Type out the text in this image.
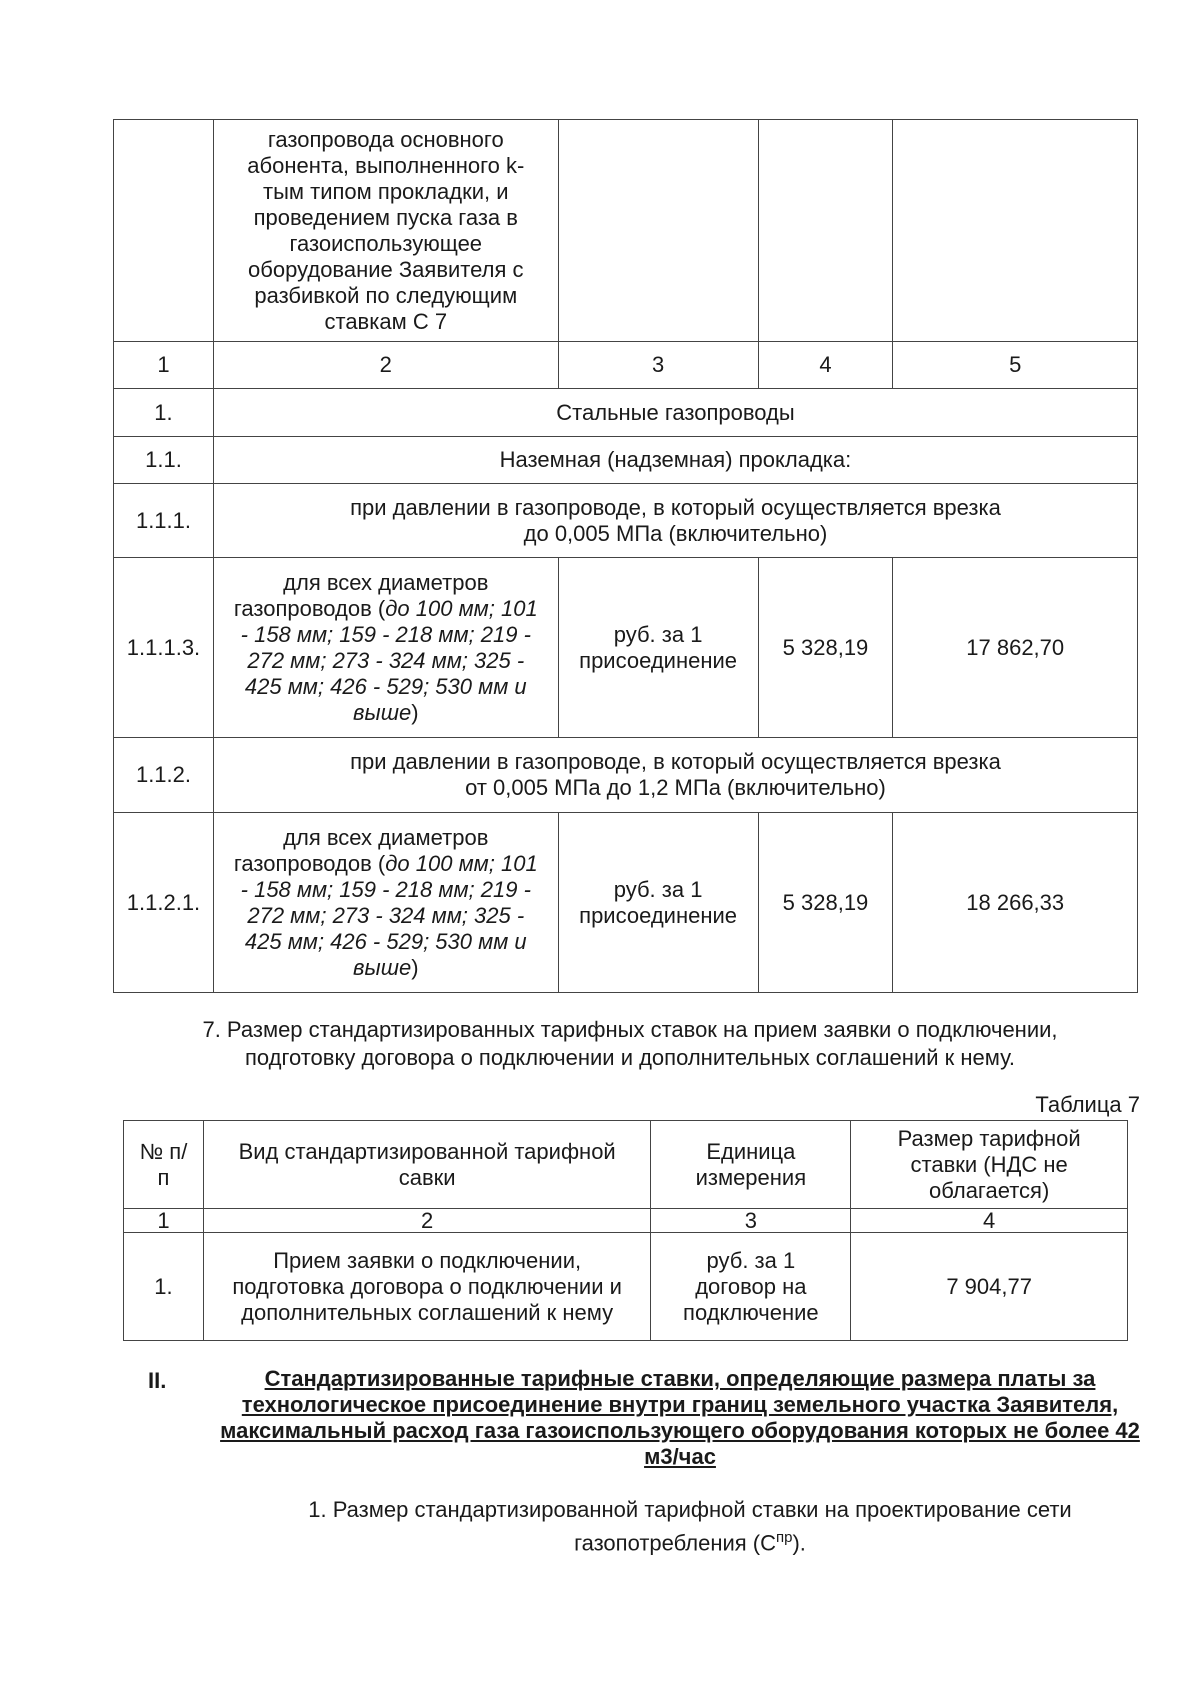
	газопровода основного абонента, выполненного k-тым типом прокладки, и проведением пуска газа в газоиспользующее оборудование Заявителя с разбивкой по следующим ставкам С 7			
1	2	3	4	5
1.	Стальные газопроводы			
1.1.	Наземная (надземная) прокладка:			
1.1.1.	при давлении в газопроводе, в который осуществляется врезка
до 0,005 МПа (включительно)			

1.1.1.3.	для всех диаметров газопроводов (до 100 мм; 101 - 158 мм; 159 - 218 мм; 219 - 272 мм; 273 - 324 мм; 325 - 425 мм; 426 - 529; 530 мм и выше)	руб. за 1 присоединение	5 328,19	17 862,70
1.1.2.	при давлении в газопроводе, в который осуществляется врезка
от 0,005 МПа до 1,2 МПа (включительно)			

1.1.2.1.	для всех диаметров газопроводов (до 100 мм; 101 - 158 мм; 159 - 218 мм; 219 - 272 мм; 273 - 324 мм; 325 - 425 мм; 426 - 529; 530 мм и выше)	руб. за 1 присоединение	5 328,19	18 266,33
7. Размер стандартизированных тарифных ставок на прием заявки о подключении,
подготовку договора о подключении и дополнительных соглашений к нему.
Таблица 7
№ п/п	Вид стандартизированной тарифной савки	Единица измерения	Размер тарифной ставки (НДС не облагается)
1	2	3	4
1.	Прием заявки о подключении, подготовка договора о подключении и дополнительных соглашений к нему	руб. за 1 договор на подключение	7 904,77
II.	Стандартизированные тарифные ставки, определяющие размера платы за технологическое присоединение внутри границ земельного участка Заявителя, максимальный расход газа газоиспользующего оборудования которых не более 42 м3/час
1. Размер стандартизированной тарифной ставки на проектирование сети газопотребления $(С^{пр})$.
